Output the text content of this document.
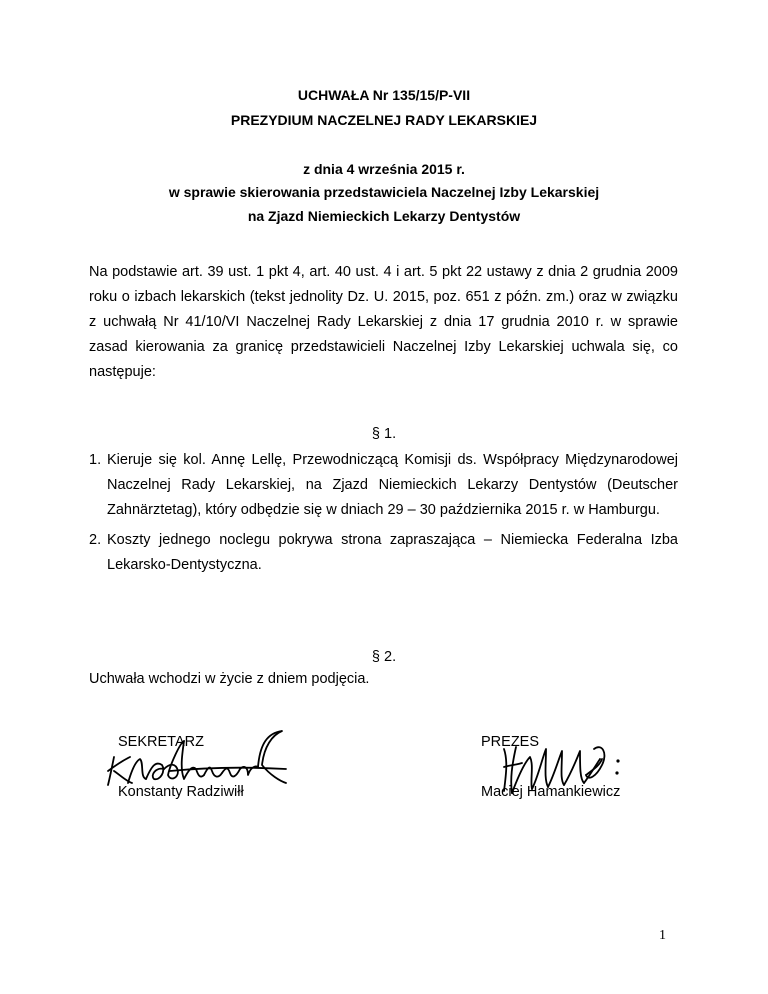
UCHWAŁA Nr 135/15/P-VII
PREZYDIUM NACZELNEJ RADY LEKARSKIEJ
z dnia 4 września 2015 r.
w sprawie skierowania przedstawiciela Naczelnej Izby Lekarskiej
na Zjazd Niemieckich Lekarzy Dentystów
Na podstawie art. 39 ust. 1 pkt 4, art. 40 ust. 4 i art. 5 pkt 22 ustawy z dnia 2 grudnia 2009 roku o izbach lekarskich (tekst jednolity Dz. U. 2015, poz. 651 z późn. zm.) oraz w związku z uchwałą Nr 41/10/VI Naczelnej Rady Lekarskiej z dnia 17 grudnia 2010 r. w sprawie zasad kierowania za granicę przedstawicieli Naczelnej Izby Lekarskiej uchwala się, co następuje:
§ 1.
1. Kieruje się kol. Annę Lellę, Przewodniczącą Komisji ds. Współpracy Międzynarodowej Naczelnej Rady Lekarskiej, na Zjazd Niemieckich Lekarzy Dentystów (Deutscher Zahnärztetag), który odbędzie się w dniach 29 – 30 października 2015 r. w Hamburgu.
2. Koszty jednego noclegu pokrywa strona zapraszająca – Niemiecka Federalna Izba Lekarsko-Dentystyczna.
§ 2.
Uchwała wchodzi w życie z dniem podjęcia.
SEKRETARZ
Konstanty Radziwiłł
PREZES
Maciej Hamankiewicz
1
